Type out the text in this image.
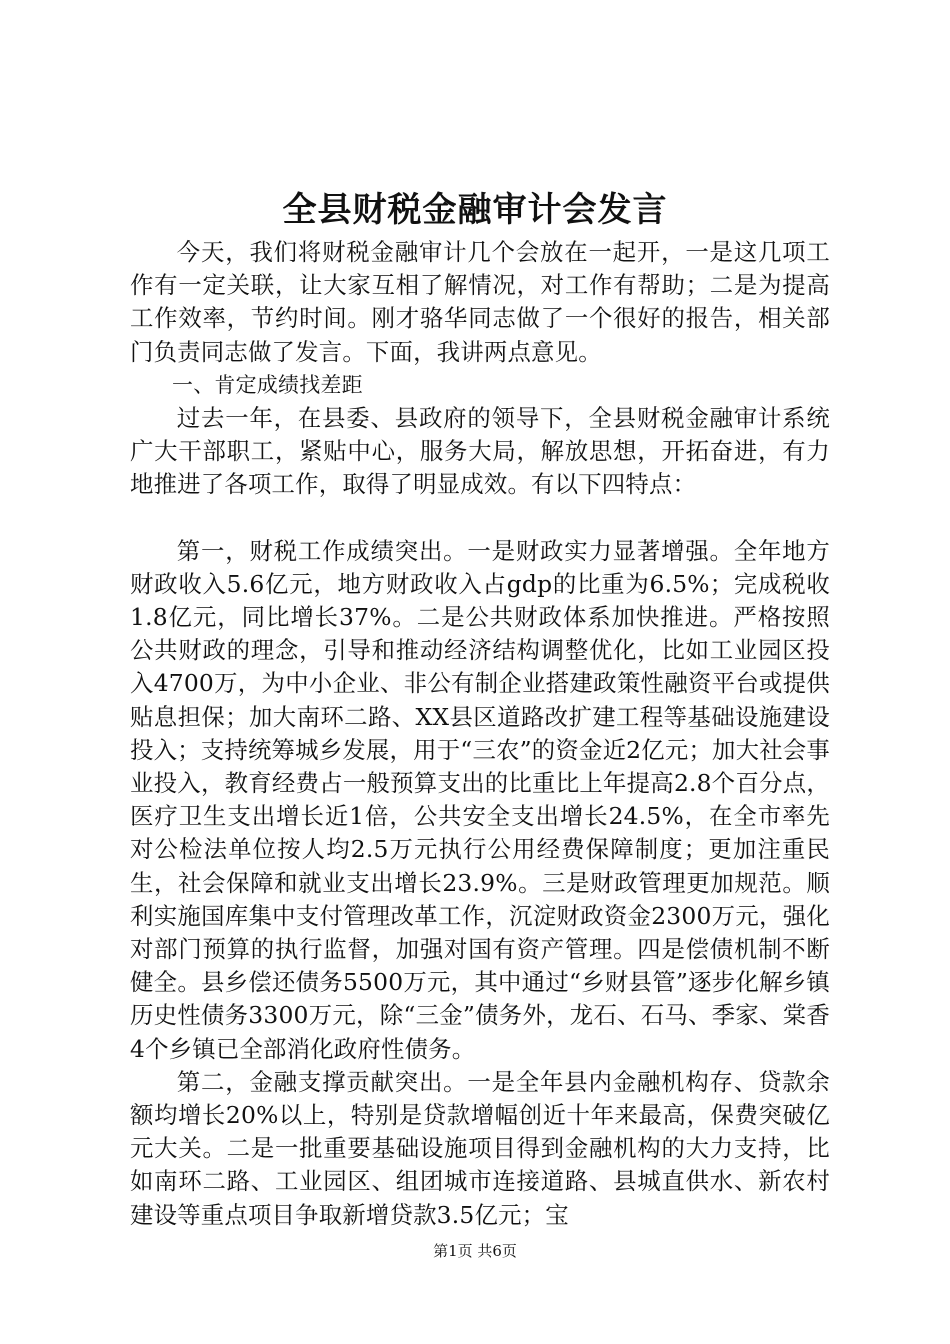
全县财税金融审计会发言

今天，我们将财税金融审计几个会放在一起开，一是这几项工作有一定关联，让大家互相了解情况，对工作有帮助；二是为提高工作效率，节约时间。刚才骆华同志做了一个很好的报告，相关部门负责同志做了发言。下面，我讲两点意见。

一、肯定成绩找差距

过去一年，在县委、县政府的领导下，全县财税金融审计系统广大干部职工，紧贴中心，服务大局，解放思想，开拓奋进，有力地推进了各项工作，取得了明显成效。有以下四特点：

第一，财税工作成绩突出。一是财政实力显著增强。全年地方财政收入5.6亿元，地方财政收入占gdp的比重为6.5%；完成税收1.8亿元，同比增长37%。二是公共财政体系加快推进。严格按照公共财政的理念，引导和推动经济结构调整优化，比如工业园区投入4700万，为中小企业、非公有制企业搭建政策性融资平台或提供贴息担保；加大南环二路、XX县区道路改扩建工程等基础设施建设投入；支持统筹城乡发展，用于“三农”的资金近2亿元；加大社会事业投入，教育经费占一般预算支出的比重比上年提高2.8个百分点，医疗卫生支出增长近1倍，公共安全支出增长24.5%，在全市率先对公检法单位按人均2.5万元执行公用经费保障制度；更加注重民生，社会保障和就业支出增长23.9%。三是财政管理更加规范。顺利实施国库集中支付管理改革工作，沉淀财政资金2300万元，强化对部门预算的执行监督，加强对国有资产管理。四是偿债机制不断健全。县乡偿还债务5500万元，其中通过“乡财县管”逐步化解乡镇历史性债务3300万元，除“三金”债务外，龙石、石马、季家、棠香4个乡镇已全部消化政府性债务。

第二，金融支撑贡献突出。一是全年县内金融机构存、贷款余额均增长20%以上，特别是贷款增幅创近十年来最高，保费突破亿元大关。二是一批重要基础设施项目得到金融机构的大力支持，比如南环二路、工业园区、组团城市连接道路、县城直供水、新农村建设等重点项目争取新增贷款3.5亿元；宝

第1页 共6页
